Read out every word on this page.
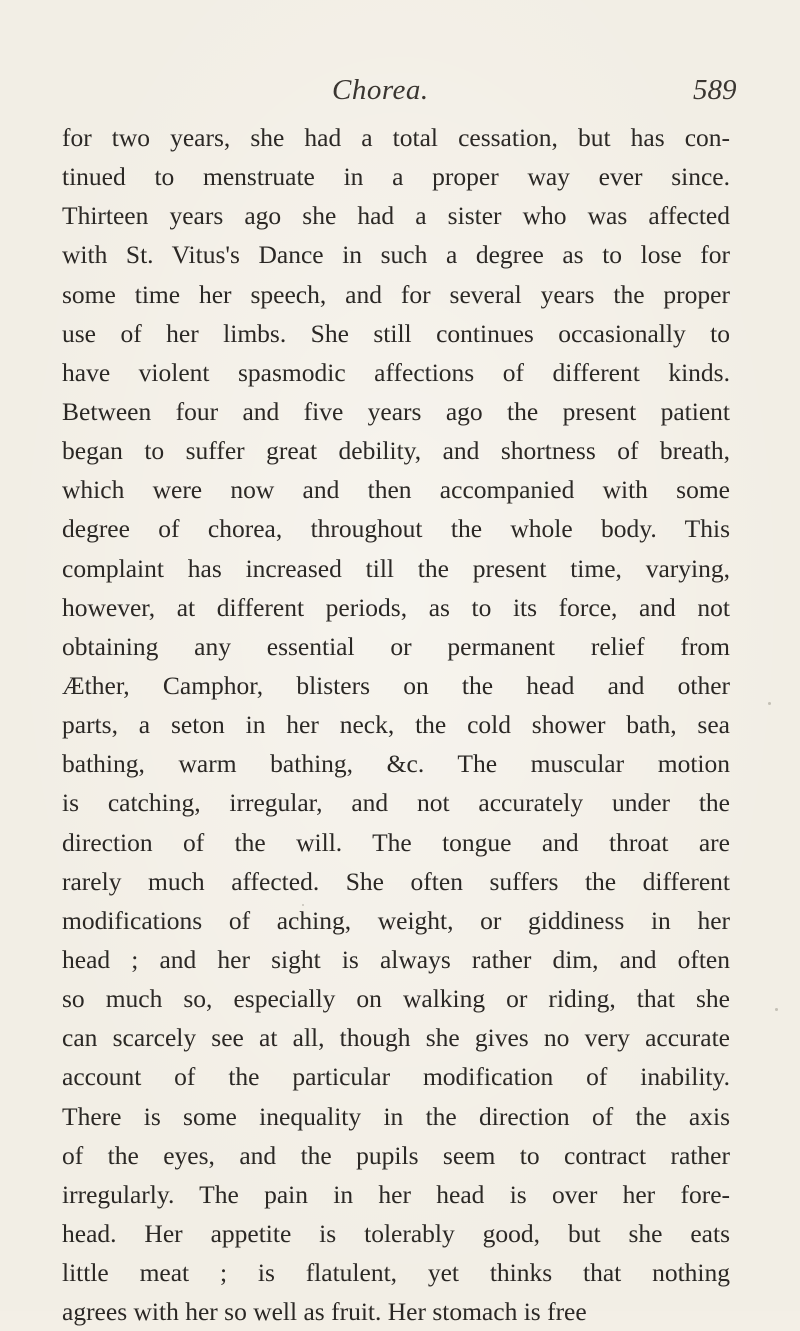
Chorea.	589
for two years, she had a total cessation, but has con-
tinued to menstruate in a proper way ever since.
Thirteen years ago she had a sister who was affected
with St. Vitus's Dance in such a degree as to lose for
some time her speech, and for several years the proper
use of her limbs. She still continues occasionally to
have violent spasmodic affections of different kinds.
Between four and five years ago the present patient
began to suffer great debility, and shortness of breath,
which were now and then accompanied with some
degree of chorea, throughout the whole body. This
complaint has increased till the present time, varying,
however, at different periods, as to its force, and not
obtaining any essential or permanent relief from
Æther, Camphor, blisters on the head and other
parts, a seton in her neck, the cold shower bath, sea
bathing, warm bathing, &c. The muscular motion
is catching, irregular, and not accurately under the
direction of the will. The tongue and throat are
rarely much affected. She often suffers the different
modifications of aching, weight, or giddiness in her
head ; and her sight is always rather dim, and often
so much so, especially on walking or riding, that she
can scarcely see at all, though she gives no very accurate
account of the particular modification of inability.
There is some inequality in the direction of the axis
of the eyes, and the pupils seem to contract rather
irregularly. The pain in her head is over her fore-
head. Her appetite is tolerably good, but she eats
little meat ; is flatulent, yet thinks that nothing
agrees with her so well as fruit. Her stomach is free
